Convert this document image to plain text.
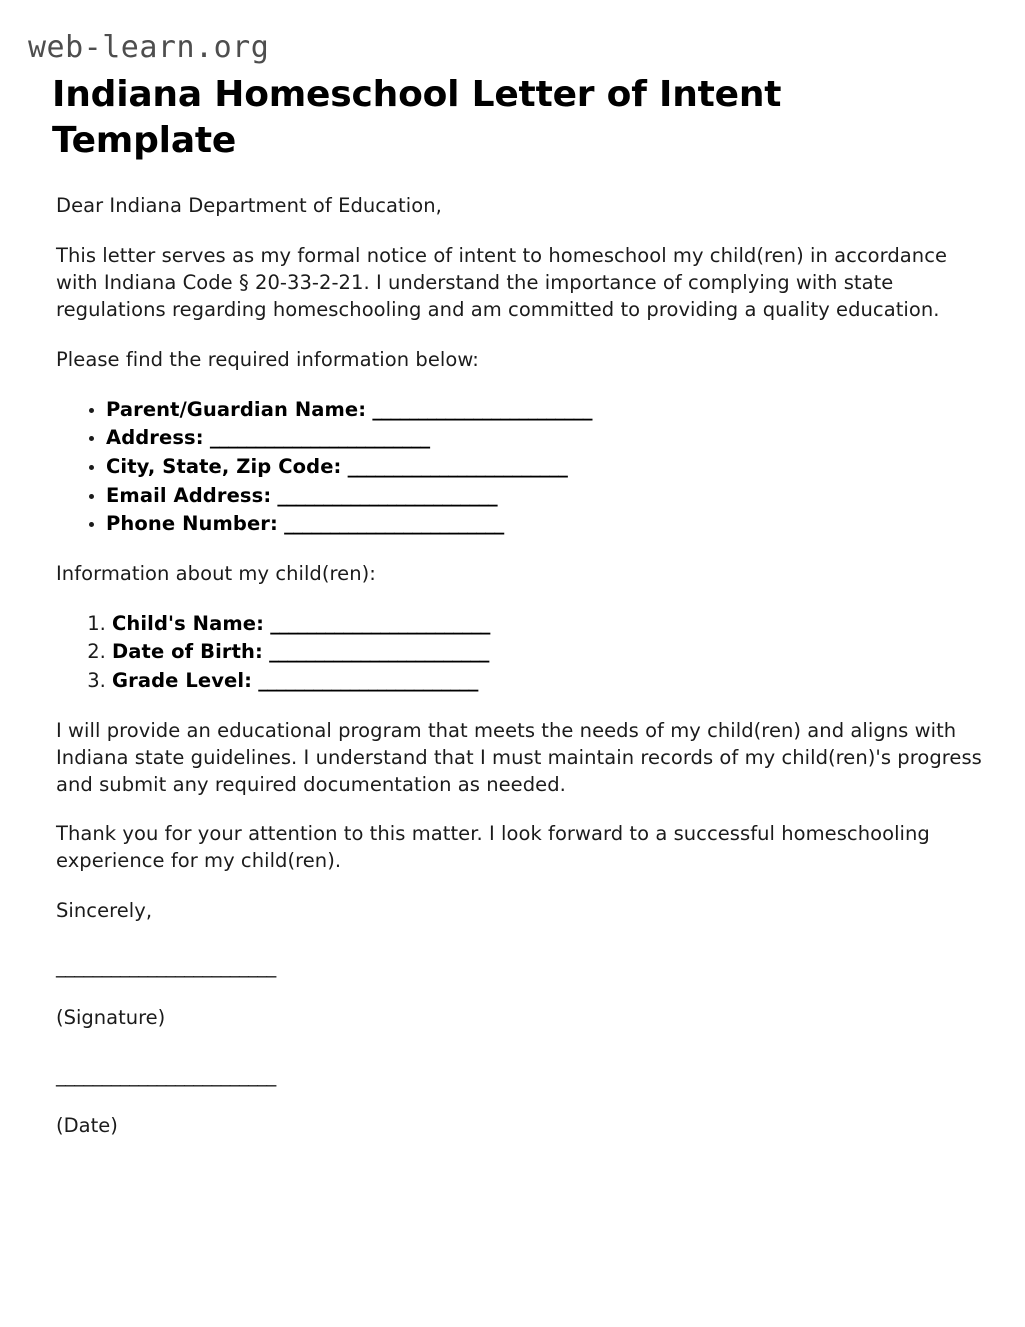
web-learn.org
Indiana Homeschool Letter of Intent Template

Dear Indiana Department of Education,

This letter serves as my formal notice of intent to homeschool my child(ren) in accordance with Indiana Code § 20-33-2-21. I understand the importance of complying with state regulations regarding homeschooling and am committed to providing a quality education.

Please find the required information below:

• Parent/Guardian Name: ________________________
• Address: ________________________
• City, State, Zip Code: ________________________
• Email Address: ________________________
• Phone Number: ________________________

Information about my child(ren):

1. Child's Name: ________________________
2. Date of Birth: ________________________
3. Grade Level: ________________________

I will provide an educational program that meets the needs of my child(ren) and aligns with Indiana state guidelines. I understand that I must maintain records of my child(ren)'s progress and submit any required documentation as needed.

Thank you for your attention to this matter. I look forward to a successful homeschooling experience for my child(ren).

Sincerely,

________________________
(Signature)
________________________
(Date)
